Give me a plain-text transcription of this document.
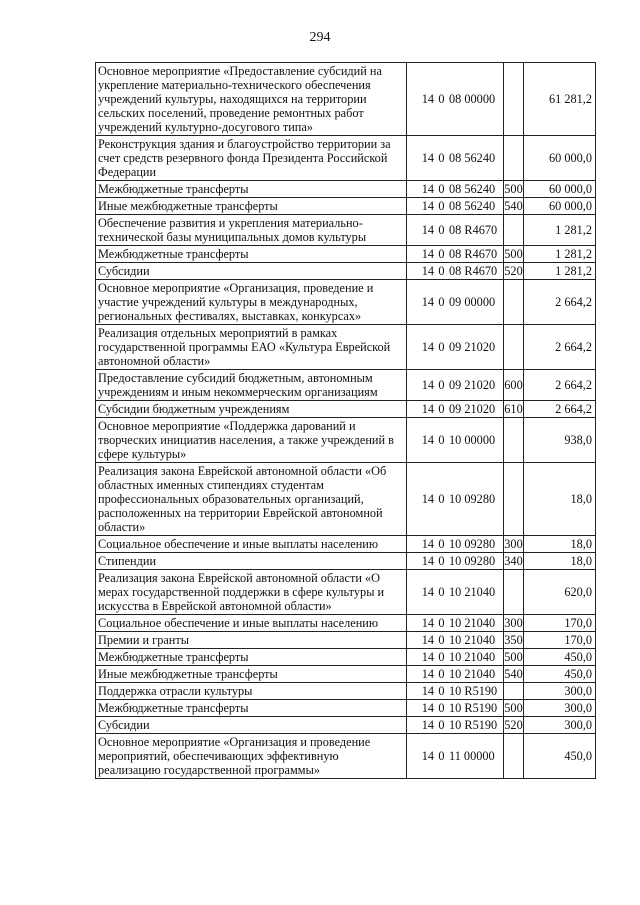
294
Основное мероприятие «Предоставление субсидий на укрепление материально-технического обеспечения учреждений культуры, находящихся на территории сельских поселений, проведение ремонтных работ учреждений культурно-досугового типа»	14 0 08 00000		61 281,2
Реконструкция здания и благоустройство территории за счет средств резервного фонда Президента Российской Федерации	14 0 08 56240		60 000,0
Межбюджетные трансферты	14 0 08 56240	500	60 000,0
Иные межбюджетные трансферты	14 0 08 56240	540	60 000,0
Обеспечение развития и укрепления материально-технической базы муниципальных домов культуры	14 0 08 R4670		1 281,2
Межбюджетные трансферты	14 0 08 R4670	500	1 281,2
Субсидии	14 0 08 R4670	520	1 281,2
Основное мероприятие «Организация, проведение и участие учреждений культуры в международных, региональных фестивалях, выставках, конкурсах»	14 0 09 00000		2 664,2
Реализация отдельных мероприятий в рамках государственной программы ЕАО «Культура Еврейской автономной области»	14 0 09 21020		2 664,2
Предоставление субсидий бюджетным, автономным учреждениям и иным некоммерческим организациям	14 0 09 21020	600	2 664,2
Субсидии бюджетным учреждениям	14 0 09 21020	610	2 664,2
Основное мероприятие «Поддержка дарований и творческих инициатив населения, а также учреждений в сфере культуры»	14 0 10 00000		938,0
Реализация закона Еврейской автономной области «Об областных именных стипендиях студентам профессиональных образовательных организаций, расположенных на территории Еврейской автономной области»	14 0 10 09280		18,0
Социальное обеспечение и иные выплаты населению	14 0 10 09280	300	18,0
Стипендии	14 0 10 09280	340	18,0
Реализация закона Еврейской автономной области «О мерах государственной поддержки в сфере культуры и искусства в Еврейской автономной области»	14 0 10 21040		620,0
Социальное обеспечение и иные выплаты населению	14 0 10 21040	300	170,0
Премии и гранты	14 0 10 21040	350	170,0
Межбюджетные трансферты	14 0 10 21040	500	450,0
Иные межбюджетные трансферты	14 0 10 21040	540	450,0
Поддержка отрасли культуры	14 0 10 R5190		300,0
Межбюджетные трансферты	14 0 10 R5190	500	300,0
Субсидии	14 0 10 R5190	520	300,0
Основное мероприятие «Организация и проведение мероприятий, обеспечивающих эффективную реализацию государственной программы»	14 0 11 00000		450,0
